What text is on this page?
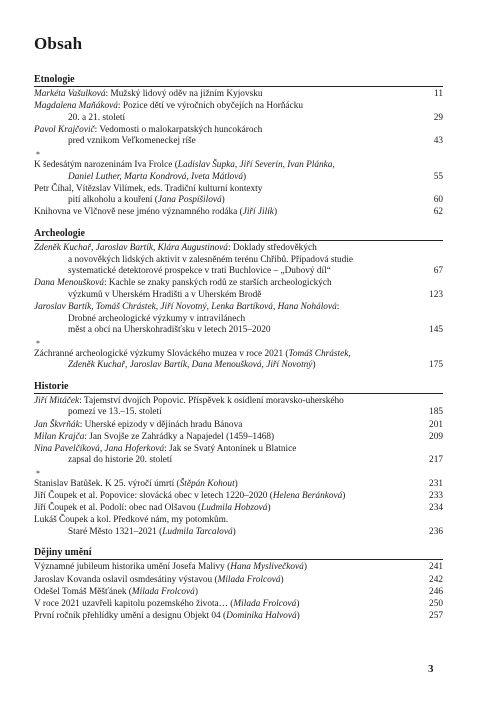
Obsah
Etnologie
Markéta Vašulková: Mužský lidový oděv na jižním Kyjovsku	11
Magdalena Maňáková: Pozice dětí ve výročních obyčejích na Horňácku
20. a 21. století	29
Pavol Krajčovič: Vedomosti o malokarpatských huncokároch
pred vznikom Veľkomeneckej ríše	43
*
K šedesátým narozeninám Iva Frolce (Ladislav Šupka, Jiří Severin, Ivan Plánka,
Daniel Luther, Marta Kondrová, Iveta Mátlová)	55
Petr Číhal, Vítězslav Vilímek, eds. Tradiční kulturní kontexty
pití alkoholu a kouření (Jana Pospíšilová)	60
Knihovna ve Vlčnově nese jméno významného rodáka (Jiří Jilík)	62
Archeologie
Zdeněk Kuchař, Jaroslav Bartík, Klára Augustinová: Doklady středověkých
a novověkých lidských aktivit v zalesněném terénu Chřibů. Případová studie
systematické detektorové prospekce v trati Buchlovice – „Dubový díl“	67
Dana Menoušková: Kachle se znaky panských rodů ze starších archeologických
výzkumů v Uherském Hradišti a v Uherském Brodě	123
Jaroslav Bartík, Tomáš Chrástek, Jiří Novotný, Lenka Bartíková, Hana Nohálová:
Drobné archeologické výzkumy v intravilánech
měst a obcí na Uherskohradišťsku v letech 2015–2020	145
*
Záchranné archeologické výzkumy Slováckého muzea v roce 2021 (Tomáš Chrástek,
Zdeněk Kuchař, Jaroslav Bartík, Dana Menoušková, Jiří Novotný)	175
Historie
Jiří Mitáček: Tajemství dvojích Popovic. Příspěvek k osídlení moravsko-uherského
pomezí ve 13.–15. století	185
Jan Škvrňák: Uherské epizody v dějinách hradu Bánova	201
Milan Krajča: Jan Svojše ze Zahrádky a Napajedel (1459–1468)	209
Nina Pavelčíková, Jana Hoferková: Jak se Svatý Antonínek u Blatnice
zapsal do historie 20. století	217
*
Stanislav Batůšek. K 25. výročí úmrtí (Štěpán Kohout)	231
Jiří Čoupek et al. Popovice: slovácká obec v letech 1220–2020 (Helena Beránková)	233
Jiří Čoupek et al. Podolí: obec nad Olšavou (Ludmila Hobzová)	234
Lukáš Čoupek a kol. Předkové nám, my potomkům.
Staré Město 1321–2021 (Ludmila Tarcalová)	236
Dějiny umění
Významné jubileum historika umění Josefa Malivy (Hana Myslivečková)	241
Jaroslav Kovanda oslavil osmdesátiny výstavou (Milada Frolcová)	242
Odešel Tomáš Měšťánek (Milada Frolcová)	246
V roce 2021 uzavřeli kapitolu pozemského života… (Milada Frolcová)	250
První ročník přehlídky umění a designu Objekt 04 (Dominika Halvová)	257
3
